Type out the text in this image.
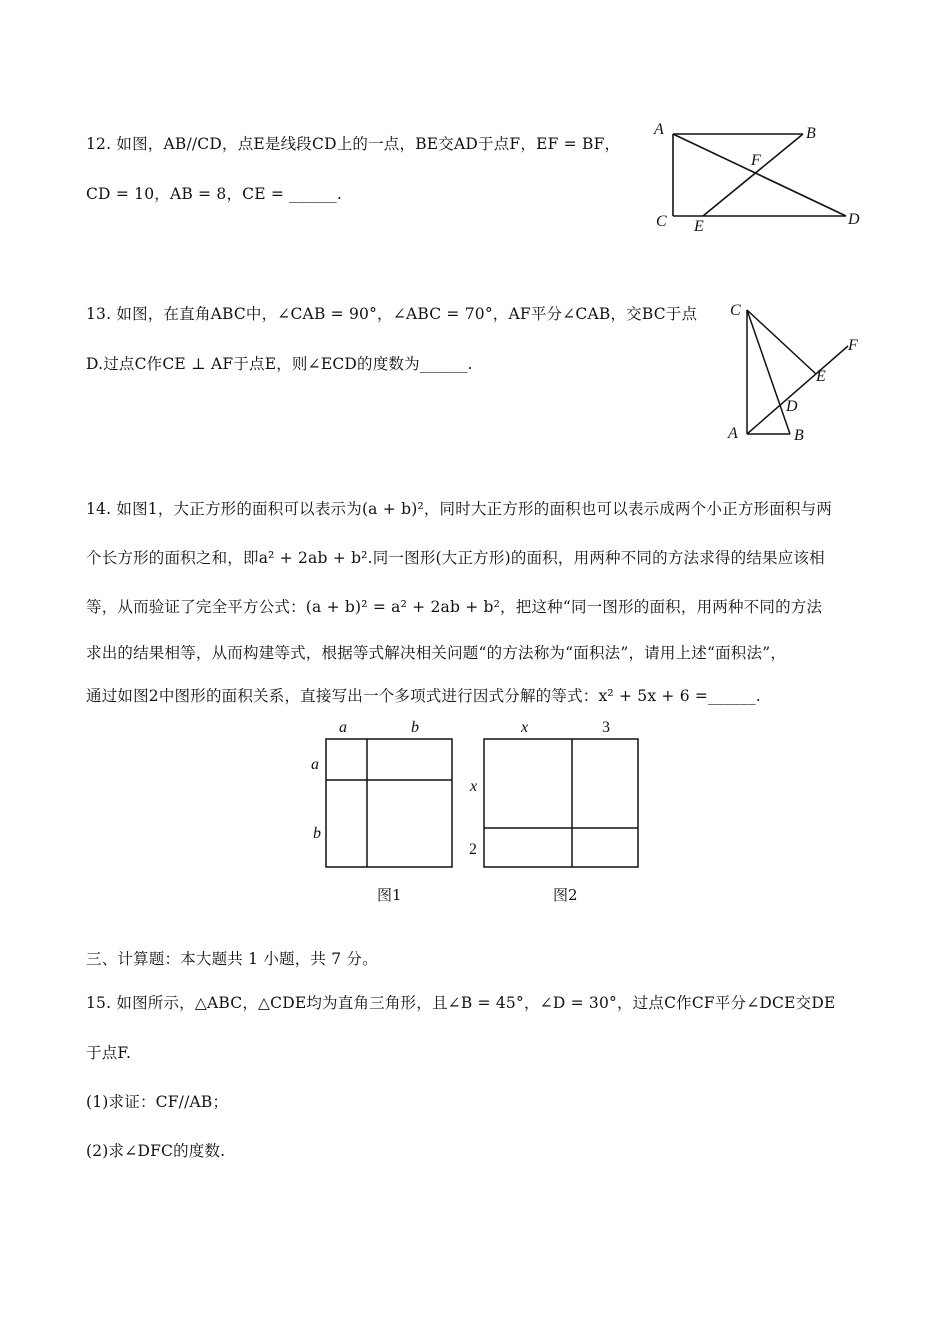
12. 如图，AB//CD，点E是线段CD上的一点，BE交AD于点F，EF = BF，
CD = 10，AB = 8，CE = ______.
A	B
F
C E	D
13. 如图，在直角ABC中，∠CAB = 90°，∠ABC = 70°，AF平分∠CAB，交BC于点
D.过点C作CE ⊥ AF于点E，则∠ECD的度数为______.
C
F
E
D
A	B
14. 如图1，大正方形的面积可以表示为(a + b)²，同时大正方形的面积也可以表示成两个小正方形面积与两
个长方形的面积之和，即a² + 2ab + b².同一图形(大正方形)的面积，用两种不同的方法求得的结果应该相
等，从而验证了完全平方公式：(a + b)² = a² + 2ab + b²，把这种“同一图形的面积，用两种不同的方法
求出的结果相等，从而构建等式，根据等式解决相关问题“的方法称为“面积法”，请用上述“面积法”，
通过如图2中图形的面积关系，直接写出一个多项式进行因式分解的等式：x² + 5x + 6 =______.
a	b
a
b
图1
x	3
x
2
图2
三、计算题：本大题共 1 小题，共 7 分。
15. 如图所示，△ABC，△CDE均为直角三角形，且∠B = 45°，∠D = 30°，过点C作CF平分∠DCE交DE
于点F.
(1)求证：CF//AB；
(2)求∠DFC的度数.
